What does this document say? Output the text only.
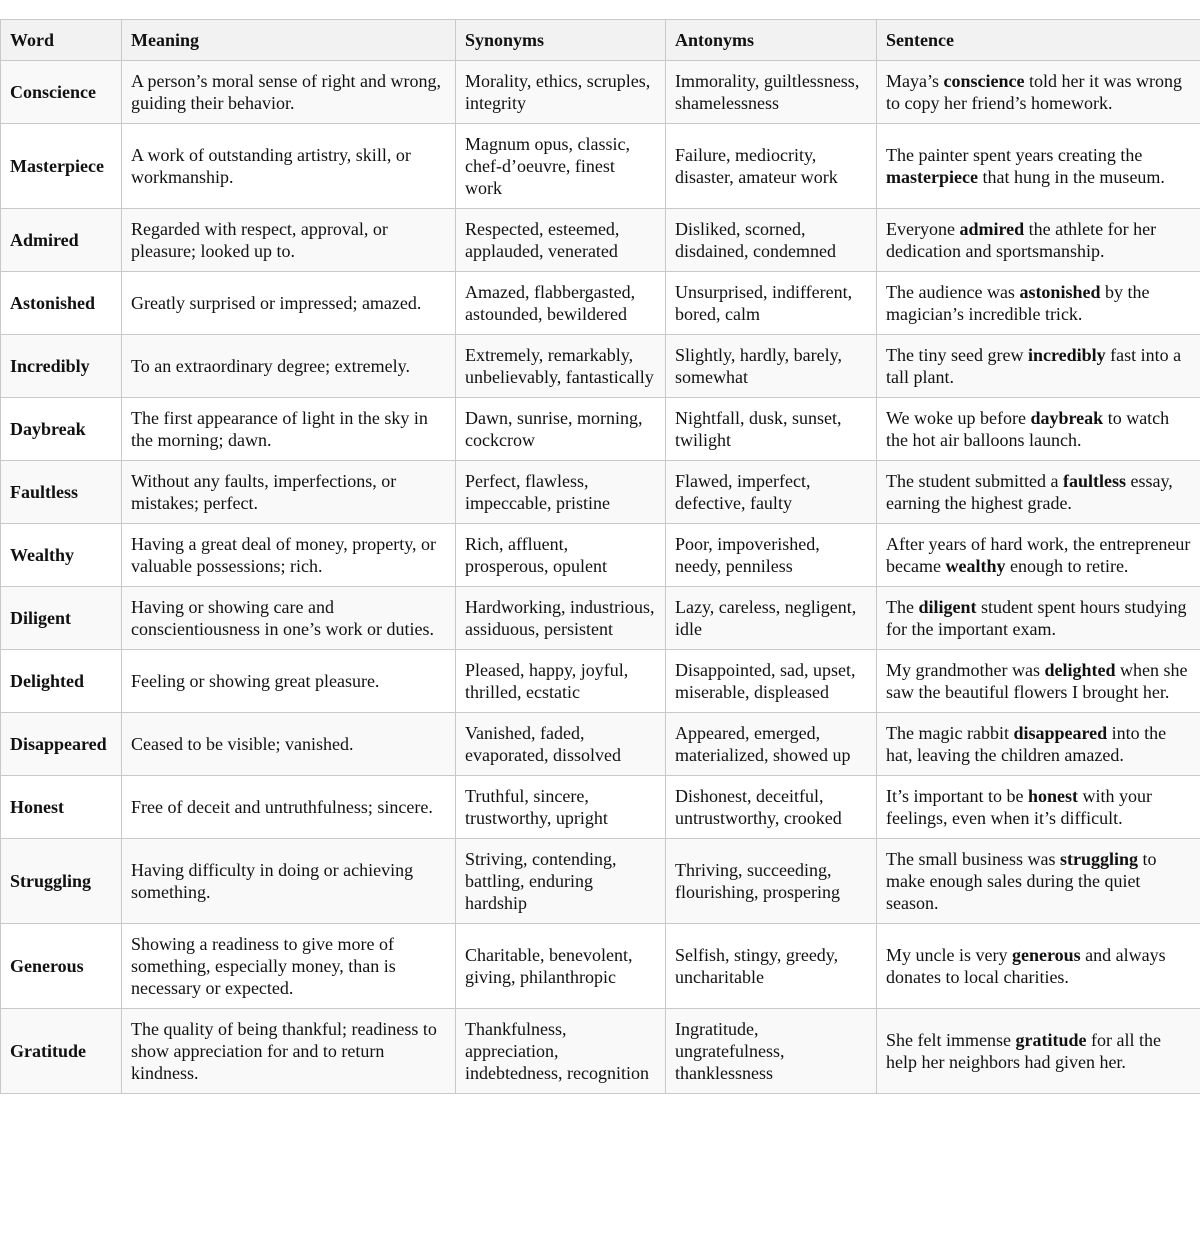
Word	Meaning	Synonyms	Antonyms	Sentence
Conscience	A person’s moral sense of right and wrong, guiding their behavior.	Morality, ethics, scruples, integrity	Immorality, guiltlessness, shamelessness	Maya’s conscience told her it was wrong to copy her friend’s homework.
Masterpiece	A work of outstanding artistry, skill, or workmanship.	Magnum opus, classic, chef-d’oeuvre, finest work	Failure, mediocrity, disaster, amateur work	The painter spent years creating the masterpiece that hung in the museum.
Admired	Regarded with respect, approval, or pleasure; looked up to.	Respected, esteemed, applauded, venerated	Disliked, scorned, disdained, condemned	Everyone admired the athlete for her dedication and sportsmanship.
Astonished	Greatly surprised or impressed; amazed.	Amazed, flabbergasted, astounded, bewildered	Unsurprised, indifferent, bored, calm	The audience was astonished by the magician’s incredible trick.
Incredibly	To an extraordinary degree; extremely.	Extremely, remarkably, unbelievably, fantastically	Slightly, hardly, barely, somewhat	The tiny seed grew incredibly fast into a tall plant.
Daybreak	The first appearance of light in the sky in the morning; dawn.	Dawn, sunrise, morning, cockcrow	Nightfall, dusk, sunset, twilight	We woke up before daybreak to watch the hot air balloons launch.
Faultless	Without any faults, imperfections, or mistakes; perfect.	Perfect, flawless, impeccable, pristine	Flawed, imperfect, defective, faulty	The student submitted a faultless essay, earning the highest grade.
Wealthy	Having a great deal of money, property, or valuable possessions; rich.	Rich, affluent, prosperous, opulent	Poor, impoverished, needy, penniless	After years of hard work, the entrepreneur became wealthy enough to retire.
Diligent	Having or showing care and conscientiousness in one’s work or duties.	Hardworking, industrious, assiduous, persistent	Lazy, careless, negligent, idle	The diligent student spent hours studying for the important exam.
Delighted	Feeling or showing great pleasure.	Pleased, happy, joyful, thrilled, ecstatic	Disappointed, sad, upset, miserable, displeased	My grandmother was delighted when she saw the beautiful flowers I brought her.
Disappeared	Ceased to be visible; vanished.	Vanished, faded, evaporated, dissolved	Appeared, emerged, materialized, showed up	The magic rabbit disappeared into the hat, leaving the children amazed.
Honest	Free of deceit and untruthfulness; sincere.	Truthful, sincere, trustworthy, upright	Dishonest, deceitful, untrustworthy, crooked	It’s important to be honest with your feelings, even when it’s difficult.
Struggling	Having difficulty in doing or achieving something.	Striving, contending, battling, enduring hardship	Thriving, succeeding, flourishing, prospering	The small business was struggling to make enough sales during the quiet season.
Generous	Showing a readiness to give more of something, especially money, than is necessary or expected.	Charitable, benevolent, giving, philanthropic	Selfish, stingy, greedy, uncharitable	My uncle is very generous and always donates to local charities.
Gratitude	The quality of being thankful; readiness to show appreciation for and to return kindness.	Thankfulness, appreciation, indebtedness, recognition	Ingratitude, ungratefulness, thanklessness	She felt immense gratitude for all the help her neighbors had given her.
